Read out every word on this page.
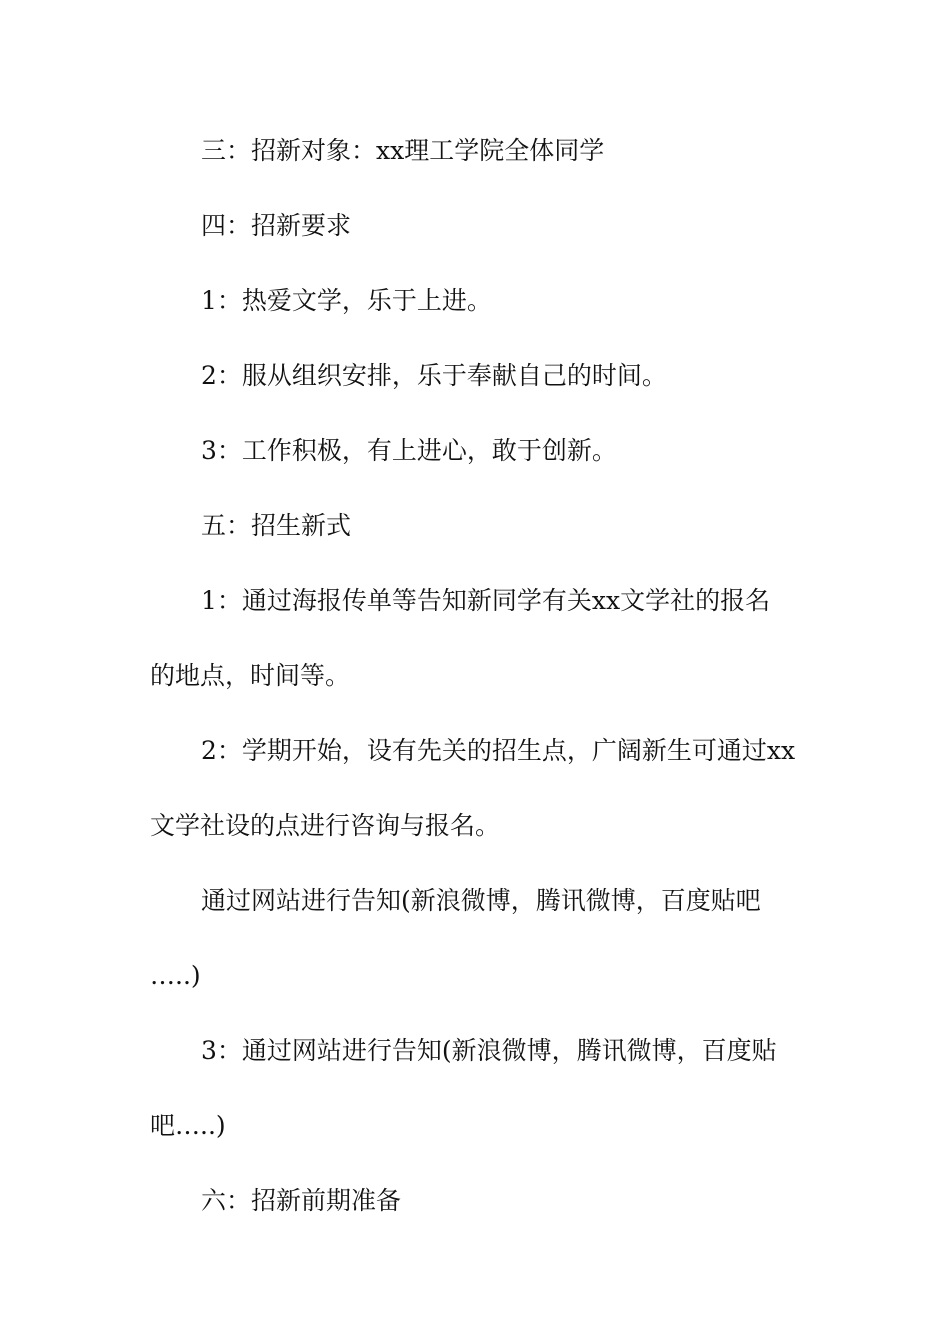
三：招新对象：xx理工学院全体同学
四：招新要求
1：热爱文学，乐于上进。
2：服从组织安排，乐于奉献自己的时间。
3：工作积极，有上进心，敢于创新。
五：招生新式
1：通过海报传单等告知新同学有关xx文学社的报名
的地点，时间等。
2：学期开始，设有先关的招生点，广阔新生可通过xx
文学社设的点进行咨询与报名。
通过网站进行告知(新浪微博，腾讯微博，百度贴吧
…..)
3：通过网站进行告知(新浪微博，腾讯微博，百度贴
吧…..)
六：招新前期准备
